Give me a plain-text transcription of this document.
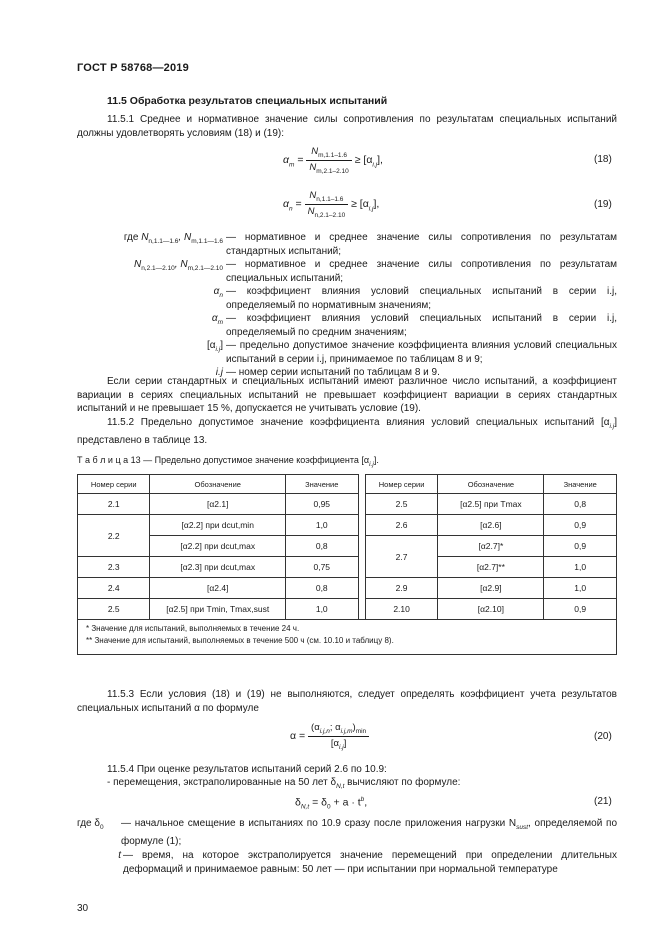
ГОСТ Р 58768—2019
11.5 Обработка результатов специальных испытаний
11.5.1 Среднее и нормативное значение силы сопротивления по результатам специальных испытаний должны удовлетворять условиям (18) и (19):
$\alpha_m = \frac{N_{m,1.1-1.6}}{N_{m,2.1-2.10}} \ge [\alpha_{i.j}]$,	(18)
$\alpha_n = \frac{N_{n,1.1-1.6}}{N_{n,2.1-2.10}} \ge [\alpha_{i.j}]$,	(19)
где $N_{n,1.1—1.6}$, $N_{m,1.1—1.6}$ — нормативное и среднее значение силы сопротивления по результатам стандартных испытаний;
$N_{n,2.1—2.10}$, $N_{m,2.1—2.10}$ — нормативное и среднее значение силы сопротивления по результатам специальных испытаний;
$\alpha_n$ — коэффициент влияния условий специальных испытаний в серии i.j, определяемый по нормативным значениям;
$\alpha_m$ — коэффициент влияния условий специальных испытаний в серии i.j, определяемый по средним значениям;
$[\alpha_{i.j}]$ — предельно допустимое значение коэффициента влияния условий специальных испытаний в серии i.j, принимаемое по таблицам 8 и 9;
i.j — номер серии испытаний по таблицам 8 и 9.
Если серии стандартных и специальных испытаний имеют различное число испытаний, а коэффициент вариации в сериях специальных испытаний не превышает коэффициент вариации в сериях стандартных испытаний и не превышает 15 %, допускается не учитывать условие (19).
11.5.2 Предельно допустимое значение коэффициента влияния условий специальных испытаний $[\alpha_{i.j}]$ представлено в таблице 13.
Т а б л и ц а 13 — Предельно допустимое значение коэффициента $[\alpha_{i.j}]$.
Номер серии	Обозначение	Значение		Номер серии	Обозначение	Значение
2.1	[α2.1]	0,95		2.5	[α2.5] при Tmax	0,8
2.2	[α2.2] при dcut,min	1,0		2.6	[α2.6]	0,9
	[α2.2] при dcut,max	0,8		2.7	[α2.7]*	0,9
2.3	[α2.3] при dcut,max	0,75			[α2.7]**	1,0
2.4	[α2.4]	0,8		2.9	[α2.9]	1,0
2.5	[α2.5] при Tmin, Tmax,sust	1,0		2.10	[α2.10]	0,9

* Значение для испытаний, выполняемых в течение 24 ч.
** Значение для испытаний, выполняемых в течение 500 ч (см. 10.10 и таблицу 8).						
11.5.3 Если условия (18) и (19) не выполняются, следует определять коэффициент учета результатов специальных испытаний α по формуле
$\alpha = \frac{(\alpha_{i.j,n}; \alpha_{i.j,m})_{min}}{[\alpha_{i.j}]}$	(20)
11.5.4 При оценке результатов испытаний серий 2.6 по 10.9:
- перемещения, экстраполированные на 50 лет $\delta_{N,t}$ вычисляют по формуле:
$\delta_{N,t} = \delta_0 + a \cdot t^b$,	(21)
где $\delta_0$	— начальное смещение в испытаниях по 10.9 сразу после приложения нагрузки $N_{sust}$, определяемой по формуле (1);
t — время, на которое экстраполируется значение перемещений при определении длительных деформаций и принимаемое равным: 50 лет — при испытании при нормальной температуре
30
